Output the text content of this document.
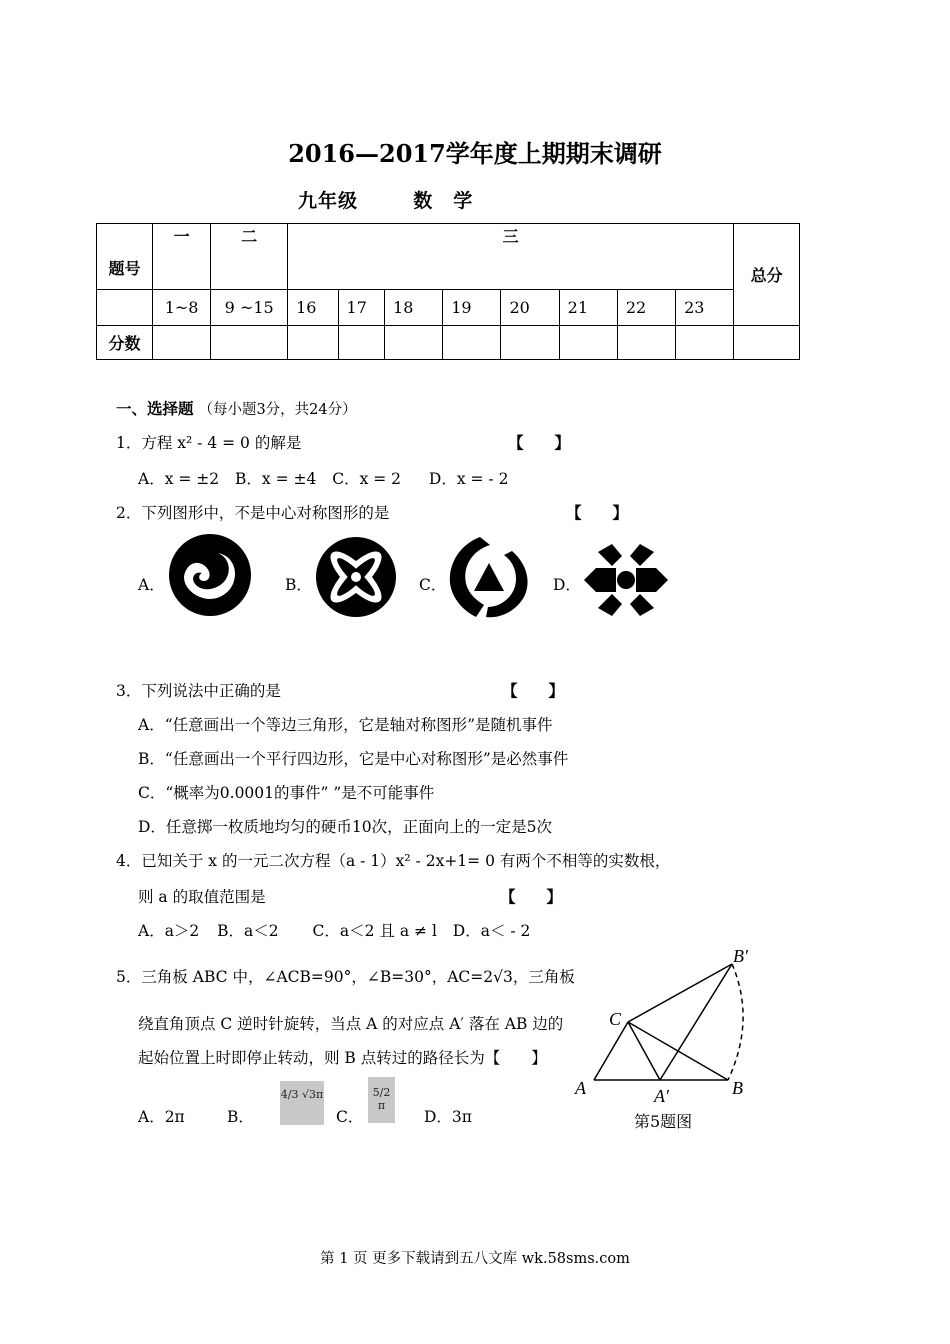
2016—2017学年度上期期末调研
九年级	数　学
题号	一	二	三								总分
	1~8	9 ~15	16	17	18	19	20	21	22	23	
分数											
一、选择题 （每小题3分，共24分）
1．方程 x² ‑ 4 = 0 的解是	【　　】
A．x = ±2 B．x = ±4 C．x = 2 D．x = ‑ 2
2．下列图形中，不是中心对称图形的是	【　　】
A．	B．	C．	D．
3．下列说法中正确的是	【　　】
A．“任意画出一个等边三角形，它是轴对称图形”是随机事件
B．“任意画出一个平行四边形，它是中心对称图形”是必然事件
C．“概率为0.0001的事件” ”是不可能事件
D．任意掷一枚质地均匀的硬币10次，正面向上的一定是5次
4．已知关于 x 的一元二次方程（a ‑ 1）x² ‑ 2x+1= 0 有两个不相等的实数根，
则 a 的取值范围是	【　　】
A．a＞2 B．a＜2 C．a＜2 且 a ≠ l D．a＜ ‑ 2
5．三角板 ABC 中，∠ACB=90°，∠B=30°，AC=2√3，三角板
绕直角顶点 C 逆时针旋转，当点 A 的对应点 A′ 落在 AB 边的
起始位置上时即停止转动，则 B 点转过的路径长为【　　】
A．2π	B．
4/3 √3π
C．
5/2 π
D．3π
B′
C
A	A′	B
第5题图
第 1 页 更多下载请到五八文库 wk.58sms.com
